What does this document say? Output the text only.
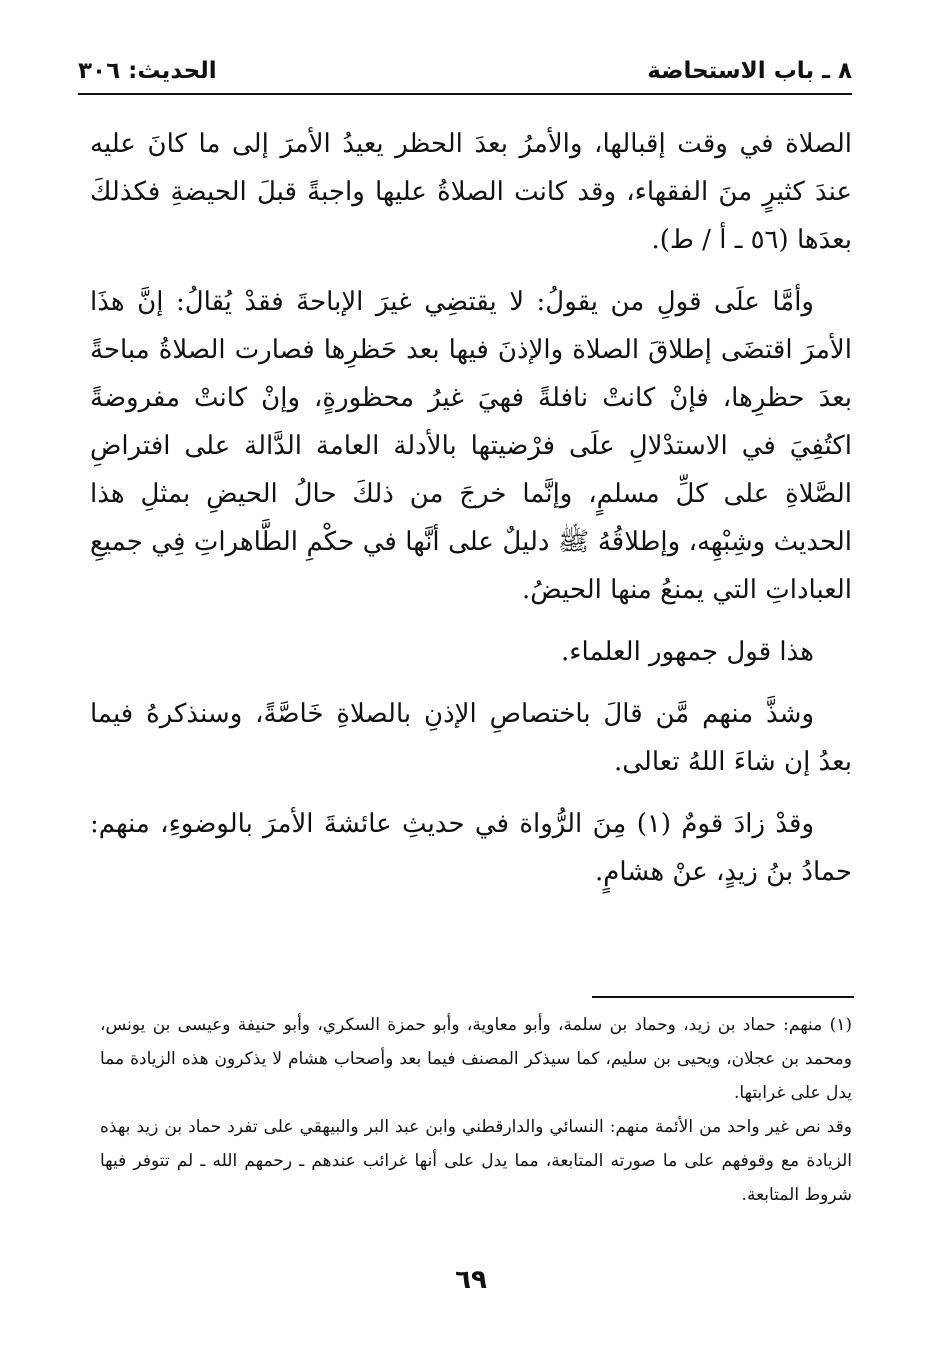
٨ ـ باب الاستحاضة
الحديث: ٣٠٦

الصلاة في وقت إقبالها، والأمرُ بعدَ الحظر يعيدُ الأمرَ إلى ما كانَ عليه عندَ كثيرٍ منَ الفقهاء، وقد كانت الصلاةُ عليها واجبةً قبلَ الحيضةِ فكذلكَ بعدَها (٥٦ ـ أ / ط).

وأمَّا علَى قولِ من يقولُ: لا يقتضِي غيرَ الإباحةَ فقدْ يُقالُ: إنَّ هذَا الأمرَ اقتضَى إطلاقَ الصلاة والإذنَ فيها بعد حَظرِها فصارت الصلاةُ مباحةً بعدَ حظرِها، فإنْ كانتْ نافلةً فهيَ غيرُ محظورةٍ، وإنْ كانتْ مفروضةً اكتُفِيَ في الاستدْلالِ علَى فرْضيتها بالأدلة العامة الدَّالة على افتراضِ الصَّلاةِ على كلِّ مسلمٍ، وإنَّما خرجَ من ذلكَ حالُ الحيضِ بمثلِ هذا الحديث وشِبْهِه، وإطلاقُهُ ﷺ دليلٌ على أنَّها في حكْمِ الطَّاهراتِ فِي جميعِ العباداتِ التي يمنعُ منها الحيضُ.

هذا قول جمهور العلماء.

وشذَّ منهم مَّن قالَ باختصاصِ الإذنِ بالصلاةِ خَاصَّةً، وسنذكرهُ فيما بعدُ إن شاءَ اللهُ تعالى.

وقدْ زادَ قومٌ (١) مِنَ الرُّواة في حديثِ عائشةَ الأمرَ بالوضوءِ، منهم: حمادُ بنُ زيدٍ، عنْ هشامٍ.

(١) منهم: حماد بن زيد، وحماد بن سلمة، وأبو معاوية، وأبو حمزة السكري، وأبو حنيفة وعيسى بن يونس، ومحمد بن عجلان، ويحيى بن سليم، كما سيذكر المصنف فيما بعد وأصحاب هشام لا يذكرون هذه الزيادة مما يدل على غرابتها.

وقد نص غير واحد من الأئمة منهم: النسائي والدارقطني وابن عبد البر والبيهقي على تفرد حماد بن زيد بهذه الزيادة مع وقوفهم على ما صورته المتابعة، مما يدل على أنها غرائب عندهم ـ رحمهم الله ـ لم تتوفر فيها شروط المتابعة.

٦٩
